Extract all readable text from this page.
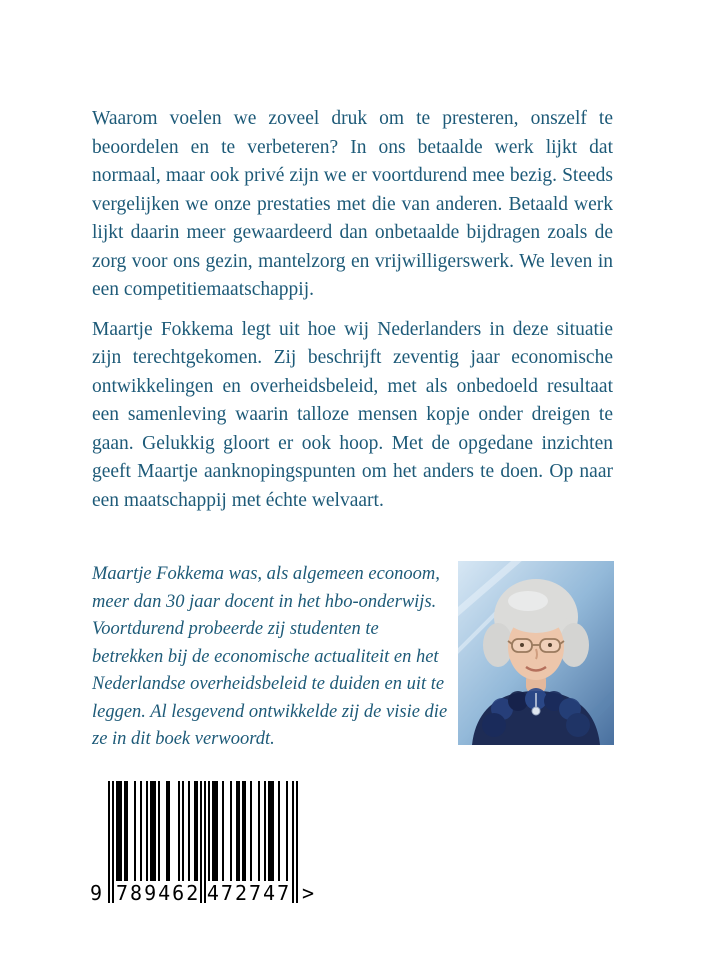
Waarom voelen we zoveel druk om te presteren, onszelf te beoordelen en te verbeteren? In ons betaalde werk lijkt dat normaal, maar ook privé zijn we er voortdurend mee bezig. Steeds vergelijken we onze prestaties met die van anderen. Betaald werk lijkt daarin meer gewaardeerd dan onbetaalde bijdragen zoals de zorg voor ons gezin, mantelzorg en vrijwilligerswerk. We leven in een competitiemaatschappij.

Maartje Fokkema legt uit hoe wij Nederlanders in deze situatie zijn terechtgekomen. Zij beschrijft zeventig jaar economische ontwikkelingen en overheidsbeleid, met als onbedoeld resultaat een samenleving waarin talloze mensen kopje onder dreigen te gaan. Gelukkig gloort er ook hoop. Met de opgedane inzichten geeft Maartje aanknopingspunten om het anders te doen. Op naar een maatschappij met échte welvaart.

Maartje Fokkema was, als algemeen econoom, meer dan 30 jaar docent in het hbo-onderwijs. Voortdurend probeerde zij studenten te betrekken bij de economische actualiteit en het Nederlandse overheidsbeleid te duiden en uit te leggen. Al lesgevend ontwikkelde zij de visie die ze in dit boek verwoordt.

9 789462 472747 >
